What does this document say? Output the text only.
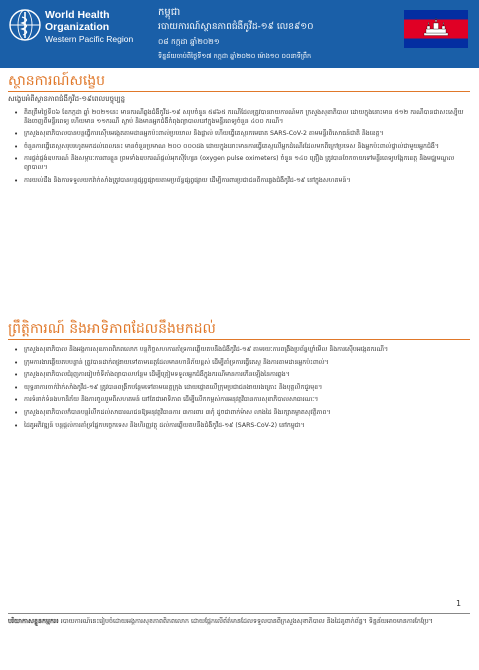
World Health
Organization
Western Pacific Region
កម្ពុជា
របាយការណ៍ស្ថានភាពជំងឺកូវីដ-១៩ លេខ៩១០
០៨ កក្កដា ឆ្នាំ២០២១
ទិន្នន័យចាប់ពីថ្ងៃទី១៧ កក្កដា ឆ្នាំ២០២០ ម៉ោង១០ ០០នាទីព្រឹក
ស្ថានការណ៍សង្ខេប
សង្ខេបអំពីស្ថានភាពជំងឺកូវីដ-១៩ពេលបច្ចុប្បន្ន
• គិតត្រឹមថ្ងៃទី០៦ ខែកក្កដា ឆ្នាំ ២០២១នេះ មានករណីឆ្លងជំងឺកូវីដ-១៩ សរុបចំនួន ៥៨៦៥ ករណីដែលត្រូវបានរាយការណ៍មក ក្រសួងសុខាភិបាល ដោយក្នុងនោះមាន ៥១២ ករណីបានជាសះស្បើយ និងចេញពីមន្ទីរពេទ្យ ហើយមាន ១១ករណី ស្លាប់ និងមានអ្នកជំងឺកំពុងព្យាបាលនៅក្នុងមន្ទីរពេទ្យចំនួន ៤០០ ករណី។
• ក្រសួងសុខាភិបាលបានបន្តធ្វើការស៊ើបអង្កេតតាមដានអ្នកប៉ះពាល់ប្រយោល និងផ្ទាល់ ហើយធ្វើតេស្តរកមេរោគ SARS-CoV-2 តាមមន្ទីរពិសោធន៍ជាតិ និងខេត្ត។
• ចំនួនការធ្វើតេស្តសរុបរហូតមកដល់ពេលនេះ មានចំនួនប្រមាណ ២០០ ០០០ដង ដោយក្នុងនោះមានការធ្វើតេស្តលើអ្នកដំណើរដែលមកពីក្រៅប្រទេស និងអ្នកប៉ះពាល់ផ្ទាល់ជាមួយអ្នកជំងឺ។
• ការផ្គត់ផ្គង់ឧបករណ៍ និងសម្ភារៈការពារខ្លួន ព្រមទាំងឧបករណ៍ផ្តល់អុកស៊ីហ្សែន (oxygen pulse oximeters) ចំនួន ១៤០ គ្រឿង ត្រូវបានចែកចាយទៅមន្ទីរពេទ្យបង្អែកខេត្ត និងមជ្ឈមណ្ឌលព្យាបាល។
• ការយល់ដឹង និងការទទួលយកវ៉ាក់សាំងត្រូវបានបន្តផ្សព្វផ្សាយតាមប្រព័ន្ធផ្សព្វផ្សាយ ដើម្បីការពារប្រជាជនពីការឆ្លងជំងឺកូវីដ-១៩ នៅក្នុងសហគមន៍។
ព្រឹត្តិការណ៍ និងអាទិភាពដែលនឹងមកដល់
• ក្រសួងសុខាភិបាល និងអង្គការសុខភាពពិភពលោក បន្តកិច្ចសហការគាំទ្រការឆ្លើយតបនឹងជំងឺកូវីដ-១៩ តាមរយៈការពង្រឹងប្រព័ន្ធឃ្លាំមើល និងការស៊ើបអង្កេតករណី។
• ក្រុមការងារឆ្លើយតបបន្ទាន់ ត្រូវបានដាក់ពង្រាយទៅតាមខេត្តដែលមានហានិភ័យខ្ពស់ ដើម្បីគាំទ្រការធ្វើតេស្ត និងការតាមដានអ្នកប៉ះពាល់។
• ក្រសួងសុខាភិបាលជំរុញការរៀបចំទីតាំងព្យាបាលបន្ថែម ដើម្បីត្រៀមទទួលអ្នកជំងឺក្នុងករណីមានការកើនឡើងនៃការឆ្លង។
• យុទ្ធនាការចាក់វ៉ាក់សាំងកូវីដ-១៩ ត្រូវបានពង្រីកបន្ថែមទៅតាមខេត្តក្រុង ដោយផ្តោតលើក្រុមប្រជាជនងាយរងគ្រោះ និងបុគ្គលិកជួរមុខ។
• ការទំនាក់ទំនងហានិភ័យ និងការចូលរួមពីសហគមន៍ នៅតែជាអាទិភាព ដើម្បីលើកកម្ពស់ការអនុវត្តវិធានការសុខាភិបាលសាធារណៈ។
• ក្រសួងសុខាភិបាលក៏បានបន្តរំលឹកដល់សាធារណជនឱ្យអនុវត្តវិធានការ ៣ការពារ ៣កុំ ដូចជាពាក់ម៉ាស លាងដៃ និងរក្សាគម្លាតសុវត្ថិភាព។
• ដៃគូអភិវឌ្ឍន៍ បន្តផ្តល់ការគាំទ្រផ្នែកបច្ចេកទេស និងហិរញ្ញវត្ថុ ដល់ការឆ្លើយតបនឹងជំងឺកូវីដ-១៩ (SARS-CoV-2) នៅកម្ពុជា។
1
បរិយាកាសខ្លួនកម្មករ៖ របាយការណ៍នេះរៀបចំដោយអង្គការសុខភាពពិភពលោក ដោយផ្អែកលើព័ត៌មានដែលទទួលបានពីក្រសួងសុខាភិបាល និងដៃគូពាក់ព័ន្ធ។ ទិន្នន័យអាចមានការកែប្រែ។
